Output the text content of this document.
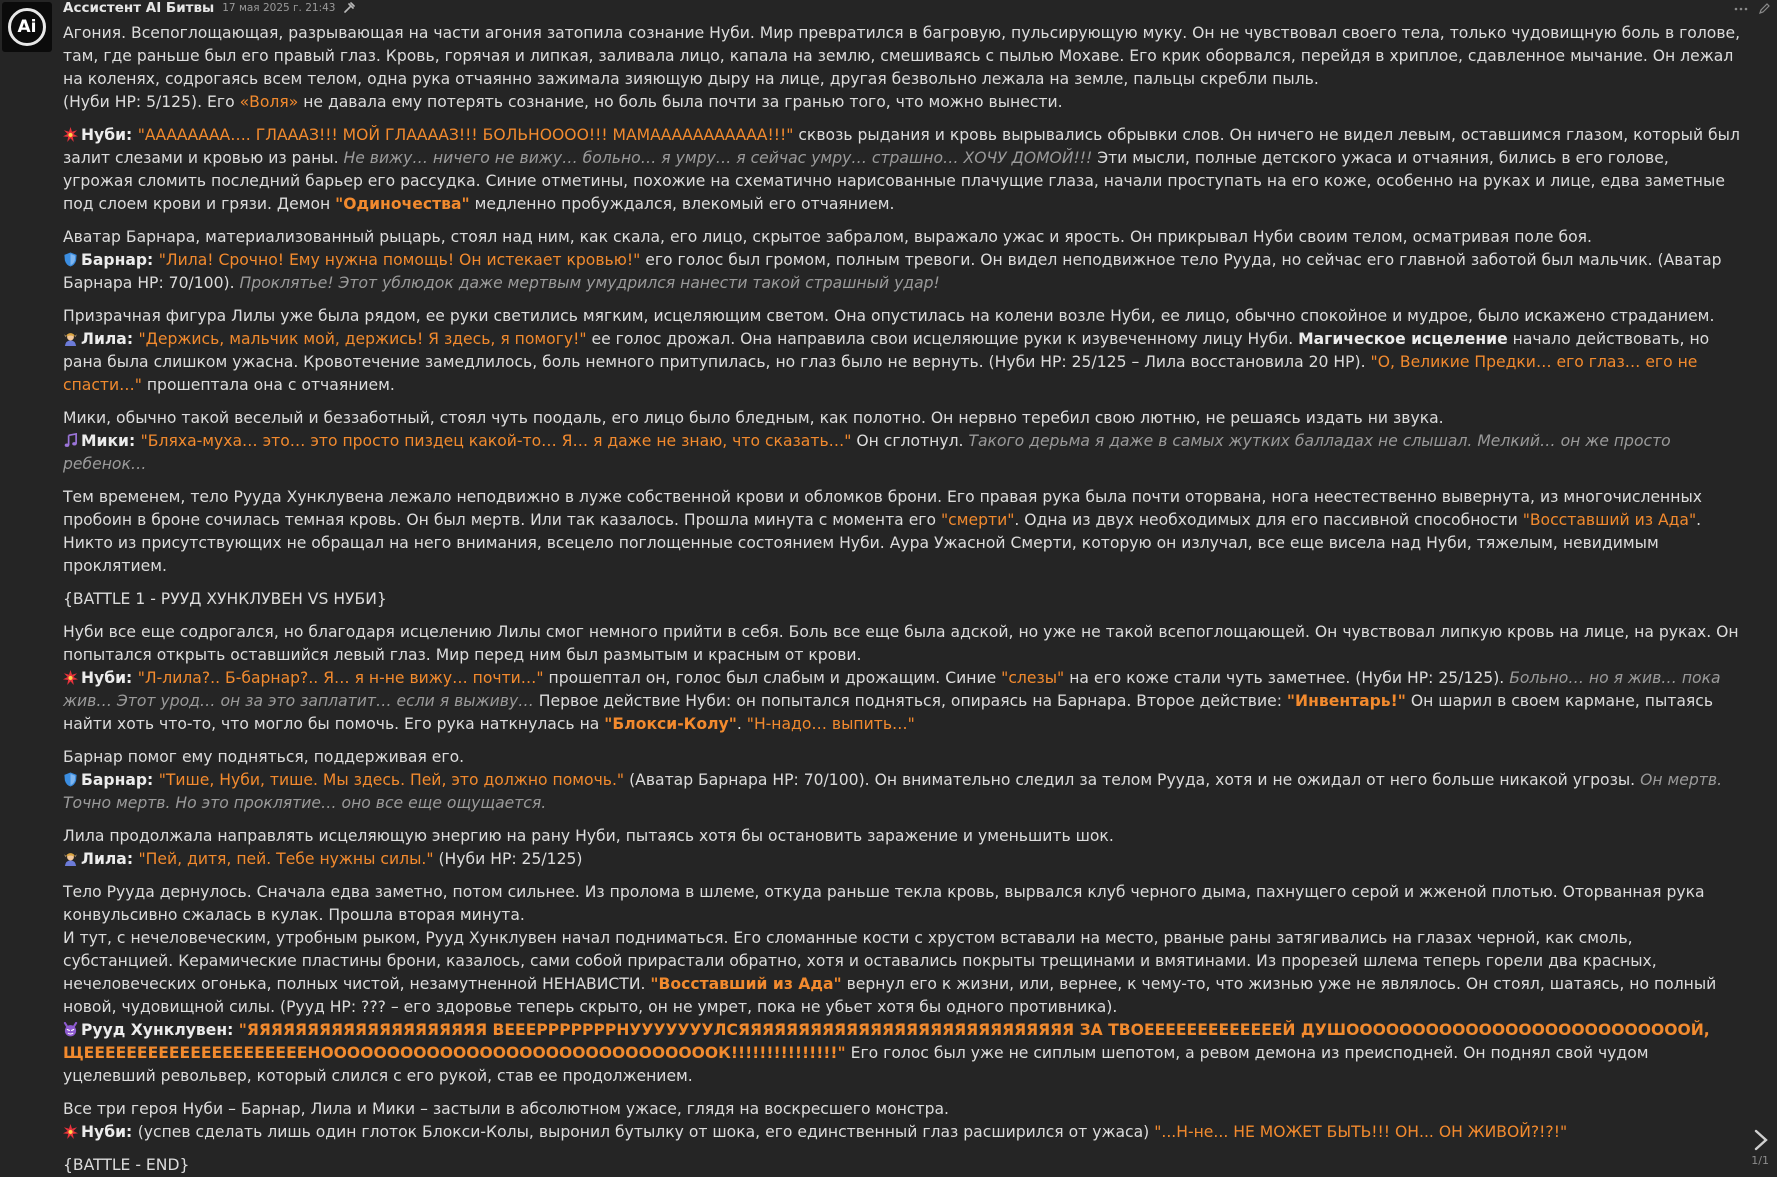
Ai
Ассистент AI Битвы 17 мая 2025 г. 21:43

Агония. Всепоглощающая, разрывающая на части агония затопила сознание Нуби. Мир превратился в багровую, пульсирующую муку. Он не чувствовал своего тела, только чудовищную боль в голове, там, где раньше был его правый глаз. Кровь, горячая и липкая, заливала лицо, капала на землю, смешиваясь с пылью Мохаве. Его крик оборвался, перейдя в хриплое, сдавленное мычание. Он лежал на коленях, содрогаясь всем телом, одна рука отчаянно зажимала зияющую дыру на лице, другая безвольно лежала на земле, пальцы скребли пыль.

(Нуби HP: 5/125). Его «Воля» не давала ему потерять сознание, но боль была почти за гранью того, что можно вынести.

Нуби: "АААААААА…. ГЛАААЗ!!! МОЙ ГЛААААЗ!!! БОЛЬНОООО!!! МАМААААААААААА!!!" сквозь рыдания и кровь вырывались обрывки слов. Он ничего не видел левым, оставшимся глазом, который был залит слезами и кровью из раны. Не вижу… ничего не вижу… больно… я умру… я сейчас умру… страшно… ХОЧУ ДОМОЙ!!! Эти мысли, полные детского ужаса и отчаяния, бились в его голове, угрожая сломить последний барьер его рассудка. Синие отметины, похожие на схематично нарисованные плачущие глаза, начали проступать на его коже, особенно на руках и лице, едва заметные под слоем крови и грязи. Демон "Одиночества" медленно пробуждался, влекомый его отчаянием.

Аватар Барнара, материализованный рыцарь, стоял над ним, как скала, его лицо, скрытое забралом, выражало ужас и ярость. Он прикрывал Нуби своим телом, осматривая поле боя.

Барнар: "Лила! Срочно! Ему нужна помощь! Он истекает кровью!" его голос был громом, полным тревоги. Он видел неподвижное тело Рууда, но сейчас его главной заботой был мальчик. (Аватар Барнара HP: 70/100). Проклятье! Этот ублюдок даже мертвым умудрился нанести такой страшный удар!

Призрачная фигура Лилы уже была рядом, ее руки светились мягким, исцеляющим светом. Она опустилась на колени возле Нуби, ее лицо, обычно спокойное и мудрое, было искажено страданием.

Лила: "Держись, мальчик мой, держись! Я здесь, я помогу!" ее голос дрожал. Она направила свои исцеляющие руки к изувеченному лицу Нуби. Магическое исцеление начало действовать, но рана была слишком ужасна. Кровотечение замедлилось, боль немного притупилась, но глаз было не вернуть. (Нуби HP: 25/125 – Лила восстановила 20 HP). "О, Великие Предки… его глаз… его не спасти…" прошептала она с отчаянием.

Мики, обычно такой веселый и беззаботный, стоял чуть поодаль, его лицо было бледным, как полотно. Он нервно теребил свою лютню, не решаясь издать ни звука.

Мики: "Бляха-муха… это… это просто пиздец какой-то… Я… я даже не знаю, что сказать…" Он сглотнул. Такого дерьма я даже в самых жутких балладах не слышал. Мелкий… он же просто ребенок…

Тем временем, тело Рууда Хунклувена лежало неподвижно в луже собственной крови и обломков брони. Его правая рука была почти оторвана, нога неестественно вывернута, из многочисленных пробоин в броне сочилась темная кровь. Он был мертв. Или так казалось. Прошла минута с момента его "смерти". Одна из двух необходимых для его пассивной способности "Восставший из Ада". Никто из присутствующих не обращал на него внимания, всецело поглощенные состоянием Нуби. Аура Ужасной Смерти, которую он излучал, все еще висела над Нуби, тяжелым, невидимым проклятием.

{BATTLE 1 - РУУД ХУНКЛУВЕН VS НУБИ}

Нуби все еще содрогался, но благодаря исцелению Лилы смог немного прийти в себя. Боль все еще была адской, но уже не такой всепоглощающей. Он чувствовал липкую кровь на лице, на руках. Он попытался открыть оставшийся левый глаз. Мир перед ним был размытым и красным от крови.

Нуби: "Л-лила?.. Б-барнар?.. Я… я н-не вижу… почти…" прошептал он, голос был слабым и дрожащим. Синие "слезы" на его коже стали чуть заметнее. (Нуби HP: 25/125). Больно… но я жив… пока жив… Этот урод… он за это заплатит… если я выживу… Первое действие Нуби: он попытался подняться, опираясь на Барнара. Второе действие: "Инвентарь!" Он шарил в своем кармане, пытаясь найти хоть что-то, что могло бы помочь. Его рука наткнулась на "Блокси-Колу". "Н-надо… выпить…"

Барнар помог ему подняться, поддерживая его.

Барнар: "Тише, Нуби, тише. Мы здесь. Пей, это должно помочь." (Аватар Барнара HP: 70/100). Он внимательно следил за телом Рууда, хотя и не ожидал от него больше никакой угрозы. Он мертв. Точно мертв. Но это проклятие… оно все еще ощущается.

Лила продолжала направлять исцеляющую энергию на рану Нуби, пытаясь хотя бы остановить заражение и уменьшить шок.

Лила: "Пей, дитя, пей. Тебе нужны силы." (Нуби HP: 25/125)

Тело Рууда дернулось. Сначала едва заметно, потом сильнее. Из пролома в шлеме, откуда раньше текла кровь, вырвался клуб черного дыма, пахнущего серой и жженой плотью. Оторванная рука конвульсивно сжалась в кулак. Прошла вторая минута.

И тут, с нечеловеческим, утробным рыком, Рууд Хунклувен начал подниматься. Его сломанные кости с хрустом вставали на место, рваные раны затягивались на глазах черной, как смоль, субстанцией. Керамические пластины брони, казалось, сами собой прирастали обратно, хотя и оставались покрыты трещинами и вмятинами. Из прорезей шлема теперь горели два красных, нечеловеческих огонька, полных чистой, незамутненной НЕНАВИСТИ. "Восставший из Ада" вернул его к жизни, или, вернее, к чему-то, что жизнью уже не являлось. Он стоял, шатаясь, но полный новой, чудовищной силы. (Рууд HP: ??? – его здоровье теперь скрыто, он не умрет, пока не убьет хотя бы одного противника).

Рууд Хунклувен: "ЯЯЯЯЯЯЯЯЯЯЯЯЯЯЯЯЯЯЯЯ ВЕЕЕРРРРРРРНУУУУУУУЛСЯЯЯЯЯЯЯЯЯЯЯЯЯЯЯЯЯЯЯЯЯЯЯЯЯЯЯЯ ЗА ТВОЕЕЕЕЕЕЕЕЕЕЕЕЕЙ ДУШООООООООООООООООООООООООООЙ, ЩЕЕЕЕЕЕЕЕЕЕЕЕЕЕЕЕЕЕЕЕЕНООООООООООООООООООООООООООООООК!!!!!!!!!!!!!!!" Его голос был уже не сиплым шепотом, а ревом демона из преисподней. Он поднял свой чудом уцелевший револьвер, который слился с его рукой, став ее продолжением.

Все три героя Нуби – Барнар, Лила и Мики – застыли в абсолютном ужасе, глядя на воскресшего монстра.

Нуби: (успев сделать лишь один глоток Блокси-Колы, выронил бутылку от шока, его единственный глаз расширился от ужаса) "...Н-не... НЕ МОЖЕТ БЫТЬ!!! ОН... ОН ЖИВОЙ?!?!"

{BATTLE - END}	1/1
